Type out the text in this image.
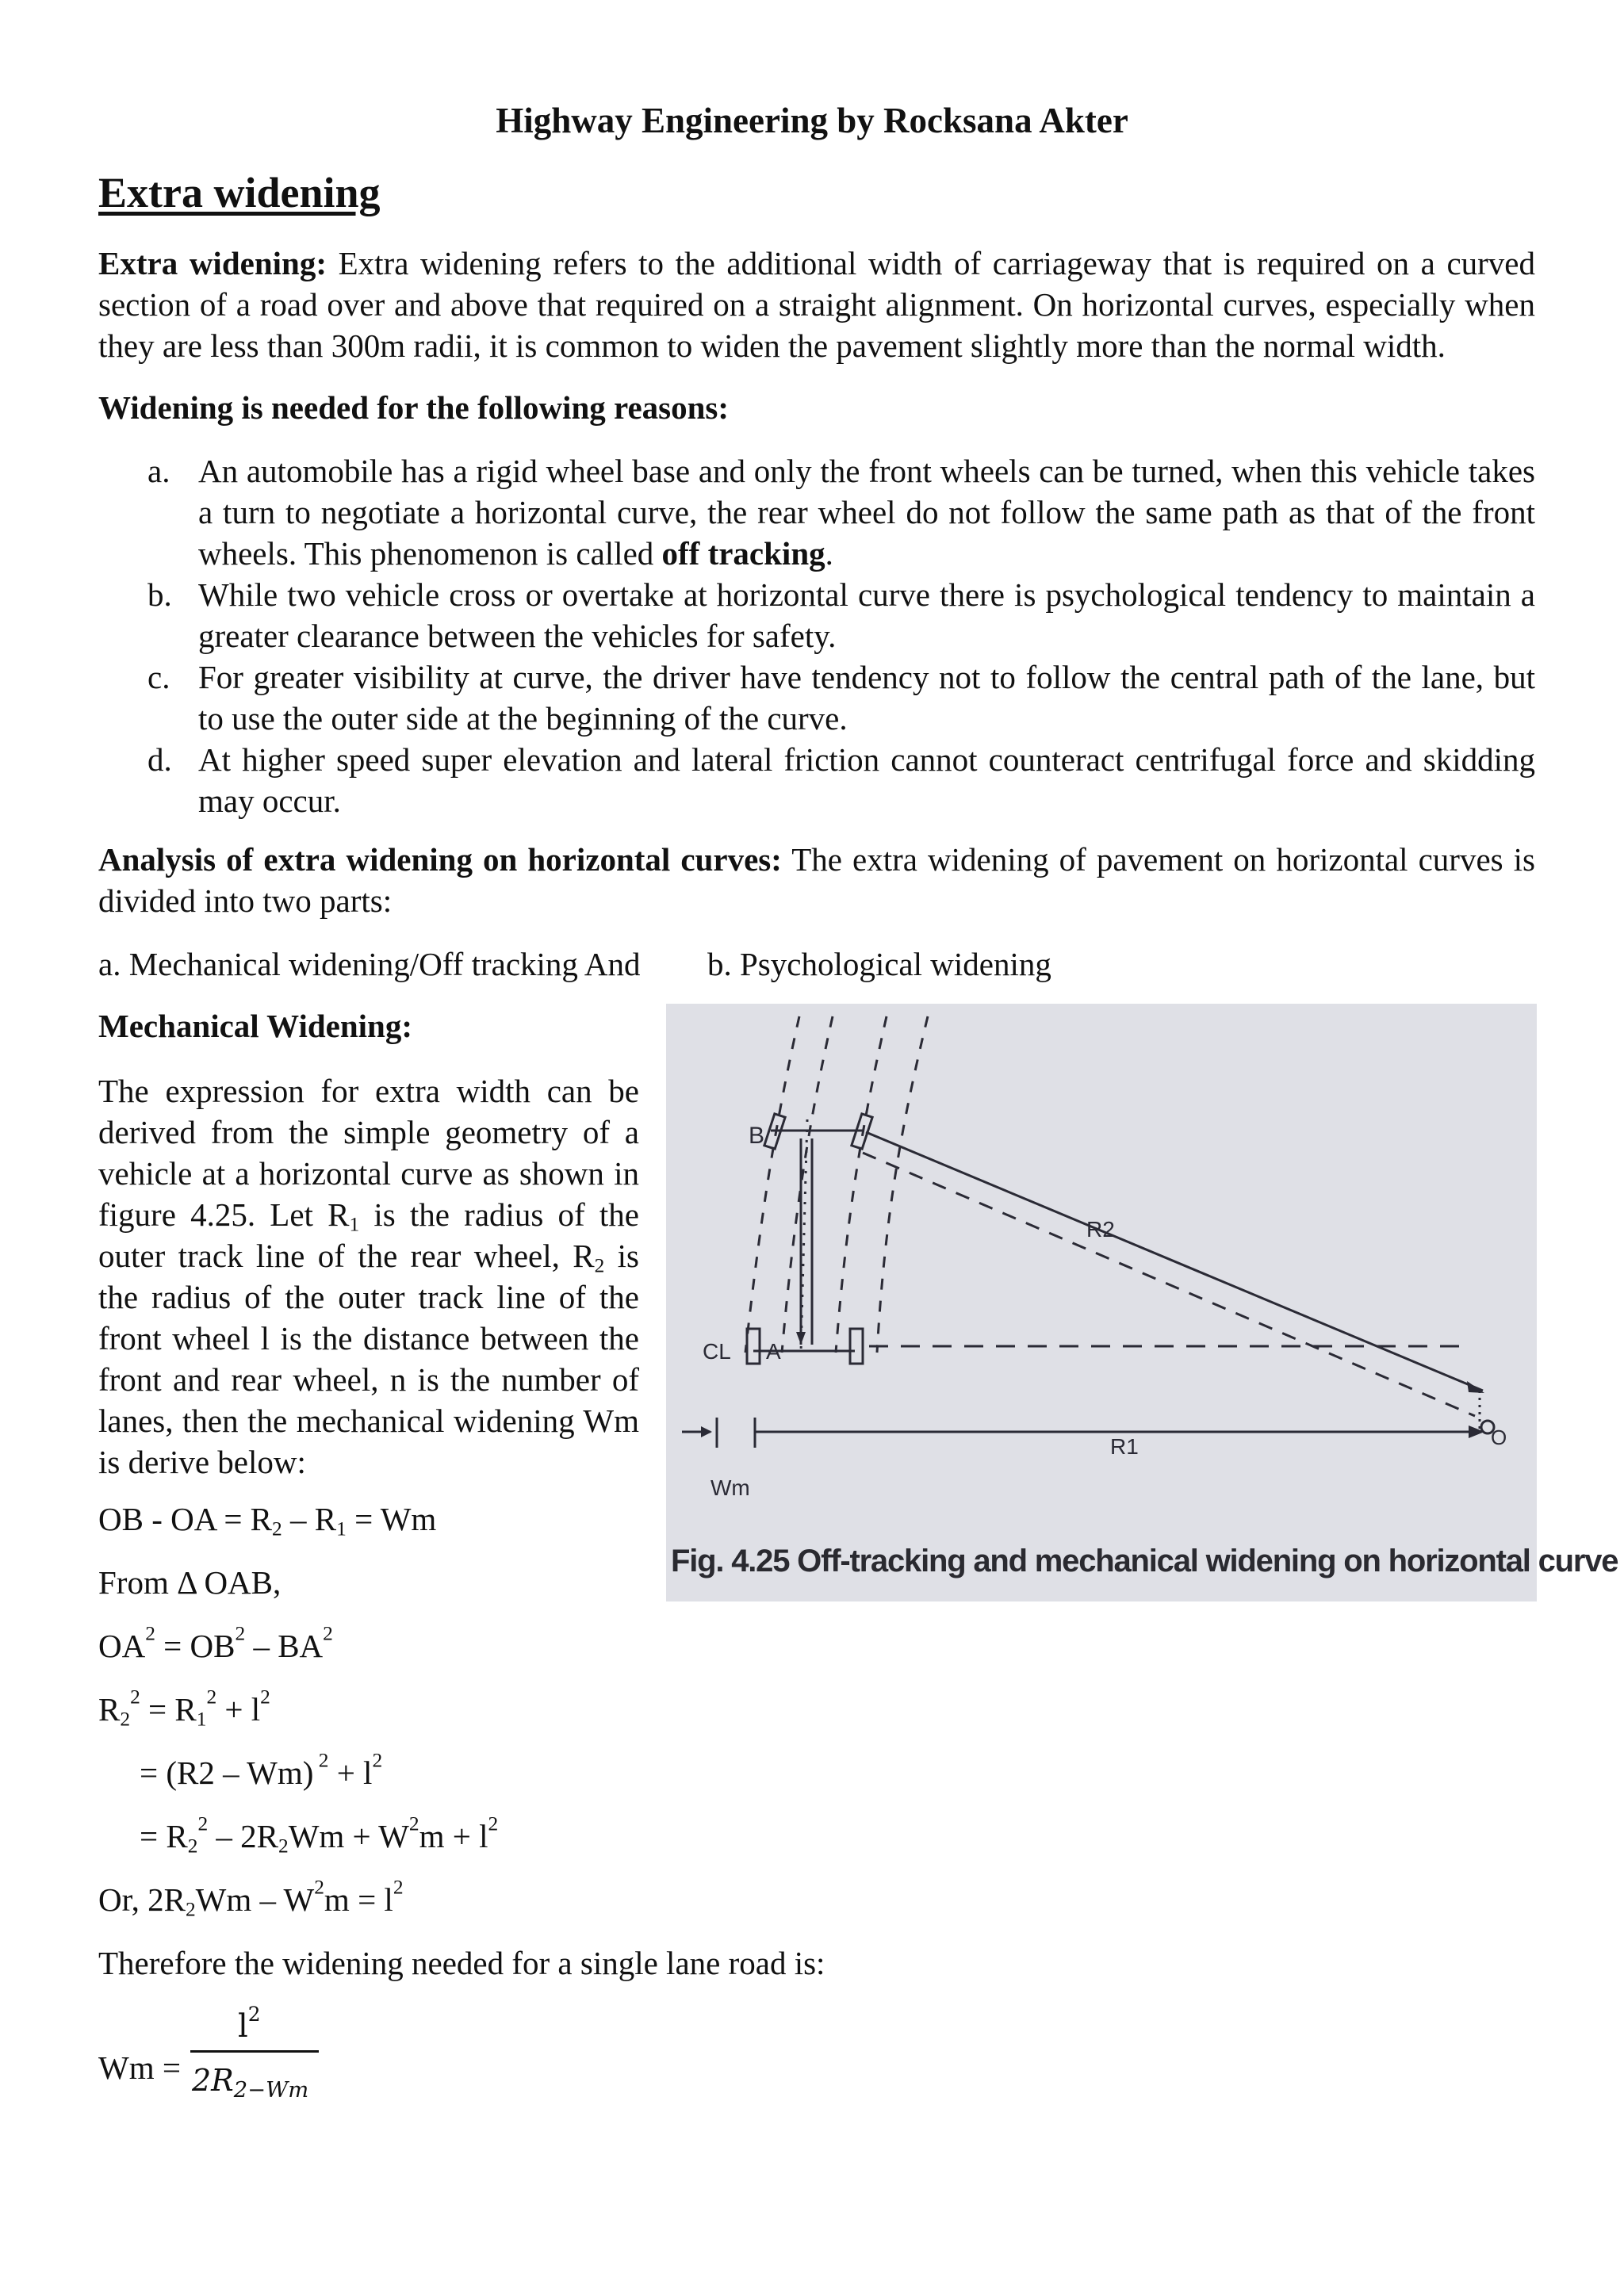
Highway Engineering by Rocksana Akter
Extra widening

Extra widening: Extra widening refers to the additional width of carriageway that is required on a curved section of a road over and above that required on a straight alignment. On horizontal curves, especially when they are less than 300m radii, it is common to widen the pavement slightly more than the normal width.

Widening is needed for the following reasons:
a. An automobile has a rigid wheel base and only the front wheels can be turned, when this vehicle takes a turn to negotiate a horizontal curve, the rear wheel do not follow the same path as that of the front wheels. This phenomenon is called off tracking.
b. While two vehicle cross or overtake at horizontal curve there is psychological tendency to maintain a greater clearance between the vehicles for safety.
c. For greater visibility at curve, the driver have tendency not to follow the central path of the lane, but to use the outer side at the beginning of the curve.
d. At higher speed super elevation and lateral friction cannot counteract centrifugal force and skidding may occur.

Analysis of extra widening on horizontal curves: The extra widening of pavement on horizontal curves is divided into two parts:

a. Mechanical widening/Off tracking And b. Psychological widening
Mechanical Widening:
The expression for extra width can be derived from the simple geometry of a vehicle at a horizontal curve as shown in figure 4.25. Let $R_1$ is the radius of the outer track line of the rear wheel, $R_2$ is the radius of the outer track line of the front wheel l is the distance between the front and rear wheel, n is the number of lanes, then the mechanical widening Wm is derive below:
OB - OA = $R_2 - R_1 = Wm$
From Δ OAB,
$OA^2 = OB^2 - BA^2$
$R_2^2 = R_1^2 + l^2$
= (R2 – Wm) $^2 + l^2$
= $R_2^2 - 2R_2Wm + W^2m + l^2$
Or, $2R_2Wm - W^2m = l^2$
Therefore the widening needed for a single lane road is:
Wm =
$l^2$
$2R_{2-Wm}$
B
A
CL
R2
R1	O
Wm
Fig. 4.25 Off-tracking and mechanical widening on horizontal curve
